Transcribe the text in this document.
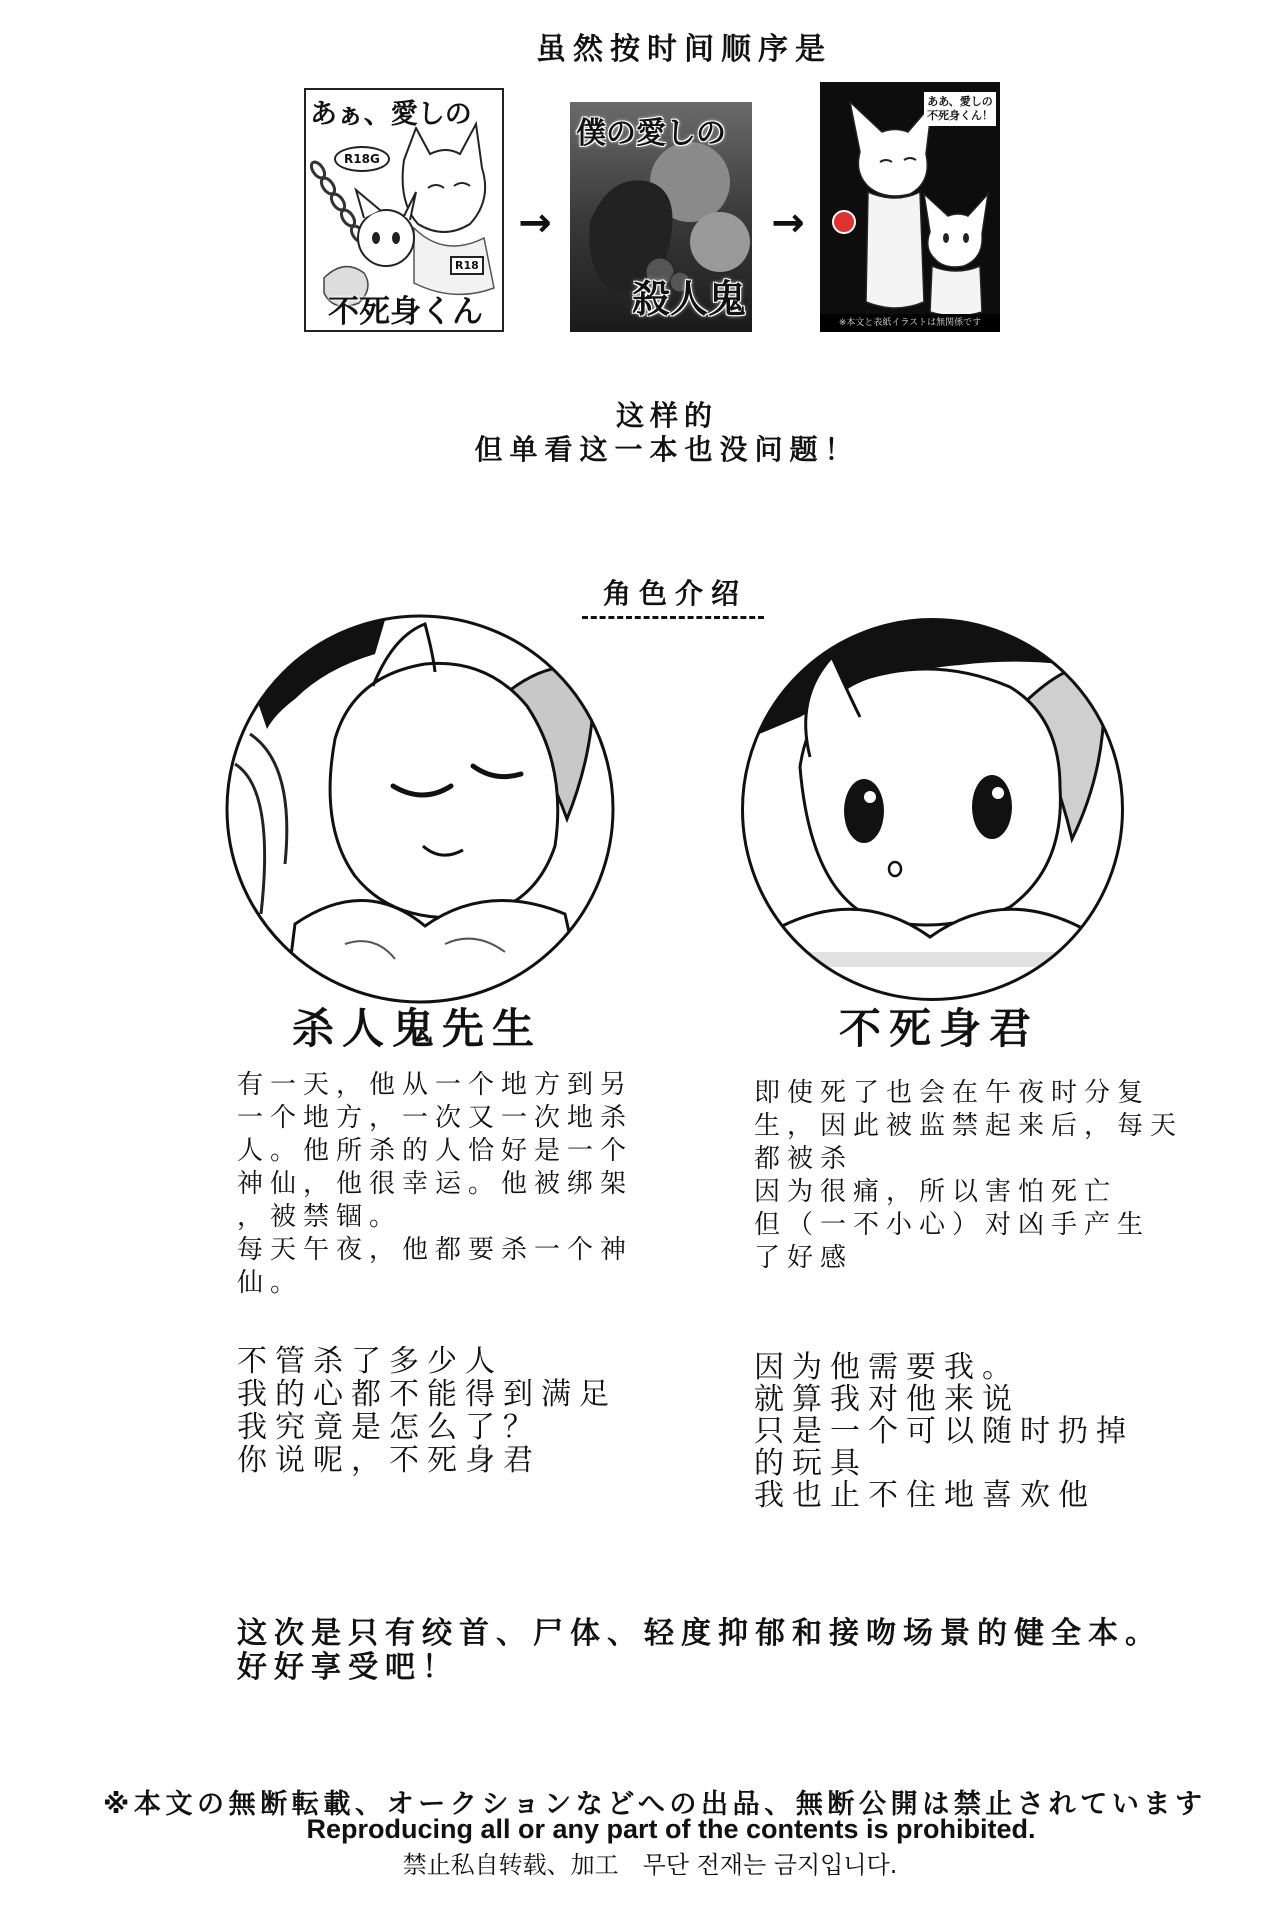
虽然按时间顺序是
あぁ、愛しの
R18G
R18
不死身くん
→
僕の愛しの
殺人鬼
→
ああ、愛しの
不死身くん！
※本文と表紙イラストは無関係です
这样的
但单看这一本也没问题！
角色介绍
杀人鬼先生	不死身君
有一天，他从一个地方到另
一个地方，一次又一次地杀
人。他所杀的人恰好是一个
神仙，他很幸运。他被绑架
，被禁锢。
每天午夜，他都要杀一个神
仙。
即使死了也会在午夜时分复
生，因此被监禁起来后，每天
都被杀
因为很痛，所以害怕死亡
但（一不小心）对凶手产生
了好感
不管杀了多少人
我的心都不能得到满足
我究竟是怎么了？
你说呢，不死身君
因为他需要我。
就算我对他来说
只是一个可以随时扔掉
的玩具
我也止不住地喜欢他
这次是只有绞首、尸体、轻度抑郁和接吻场景的健全本。
好好享受吧！
※本文の無断転載、オークションなどへの出品、無断公開は禁止されています
Reproducing all or any part of the contents is prohibited.
禁止私自转载、加工　무단 전재는 금지입니다.
